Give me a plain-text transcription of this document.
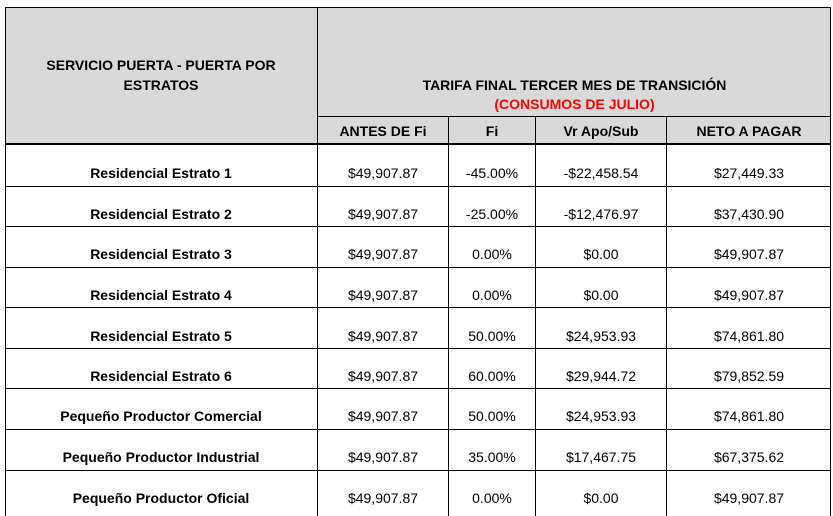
SERVICIO PUERTA - PUERTA POR
ESTRATOS	TARIFA FINAL TERCER MES DE TRANSICIÓN
(CONSUMOS DE JULIO)
ANTES DE Fi	Fi	Vr Apo/Sub	NETO A PAGAR
Residencial Estrato 1	$49,907.87	-45.00%	-$22,458.54	$27,449.33
Residencial Estrato 2	$49,907.87	-25.00%	-$12,476.97	$37,430.90
Residencial Estrato 3	$49,907.87	0.00%	$0.00	$49,907.87
Residencial Estrato 4	$49,907.87	0.00%	$0.00	$49,907.87
Residencial Estrato 5	$49,907.87	50.00%	$24,953.93	$74,861.80
Residencial Estrato 6	$49,907.87	60.00%	$29,944.72	$79,852.59
Pequeño Productor Comercial	$49,907.87	50.00%	$24,953.93	$74,861.80
Pequeño Productor Industrial	$49,907.87	35.00%	$17,467.75	$67,375.62
Pequeño Productor Oficial	$49,907.87	0.00%	$0.00	$49,907.87
